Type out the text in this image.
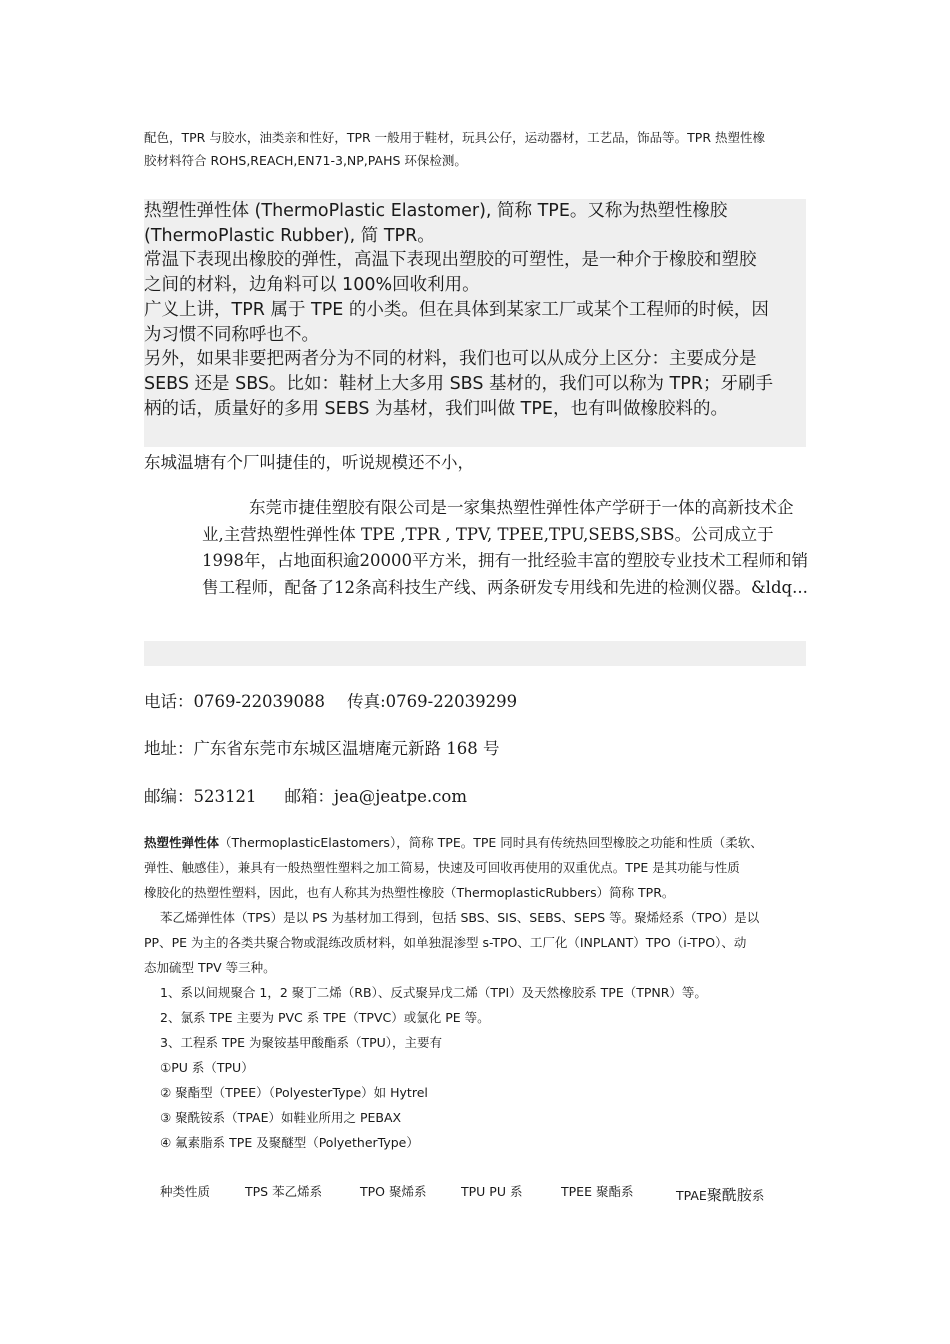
配色，TPR 与胶水，油类亲和性好，TPR 一般用于鞋材，玩具公仔，运动器材，工艺品，饰品等。TPR 热塑性橡
胶材料符合 ROHS,REACH,EN71-3,NP,PAHS 环保检测。
热塑性弹性体 (ThermoPlastic Elastomer), 简称 TPE。又称为热塑性橡胶
(ThermoPlastic Rubber), 简 TPR。
常温下表现出橡胶的弹性，高温下表现出塑胶的可塑性，是一种介于橡胶和塑胶
之间的材料，边角料可以 100%回收利用。
广义上讲，TPR 属于 TPE 的小类。但在具体到某家工厂或某个工程师的时候，因
为习惯不同称呼也不。
另外，如果非要把两者分为不同的材料，我们也可以从成分上区分：主要成分是
SEBS 还是 SBS。比如：鞋材上大多用 SBS 基材的，我们可以称为 TPR；牙刷手
柄的话，质量好的多用 SEBS 为基材，我们叫做 TPE，也有叫做橡胶料的。
东城温塘有个厂叫捷佳的，听说规模还不小，
东莞市捷佳塑胶有限公司是一家集热塑性弹性体产学研于一体的高新技术企业,主营热塑性弹性体 TPE ,TPR , TPV, TPEE,TPU,SEBS,SBS。公司成立于1998年，占地面积逾20000平方米，拥有一批经验丰富的塑胶专业技术工程师和销售工程师，配备了12条高科技生产线、两条研发专用线和先进的检测仪器。&ldq...
电话：0769-22039088 传真:0769-22039299
地址：广东省东莞市东城区温塘庵元新路 168 号
邮编：523121 邮箱：jea@jeatpe.com
热塑性弹性体（ThermoplasticElastomers），简称 TPE。TPE 同时具有传统热回型橡胶之功能和性质（柔软、
弹性、触感佳），兼具有一般热塑性塑料之加工简易，快速及可回收再使用的双重优点。TPE 是其功能与性质
橡胶化的热塑性塑料，因此，也有人称其为热塑性橡胶（ThermoplasticRubbers）简称 TPR。
苯乙烯弹性体（TPS）是以 PS 为基材加工得到，包括 SBS、SIS、SEBS、SEPS 等。聚烯烃系（TPO）是以
PP、PE 为主的各类共聚合物或混练改质材料，如单独混渗型 s-TPO、工厂化（INPLANT）TPO（i-TPO）、动
态加硫型 TPV 等三种。
1、系以间规聚合 1，2 聚丁二烯（RB）、反式聚异戊二烯（TPI）及天然橡胶系 TPE（TPNR）等。
2、氯系 TPE 主要为 PVC 系 TPE（TPVC）或氯化 PE 等。
3、工程系 TPE 为聚铵基甲酸酯系（TPU），主要有
①PU 系（TPU）
② 聚酯型（TPEE）（PolyesterType）如 Hytrel
③ 聚酰铵系（TPAE）如鞋业所用之 PEBAX
④ 氟素脂系 TPE 及聚醚型（PolyetherType）
种类性质	TPS 苯乙烯系	TPO 聚烯系	TPU PU 系	TPEE 聚酯系	TPAE聚酰胺系
